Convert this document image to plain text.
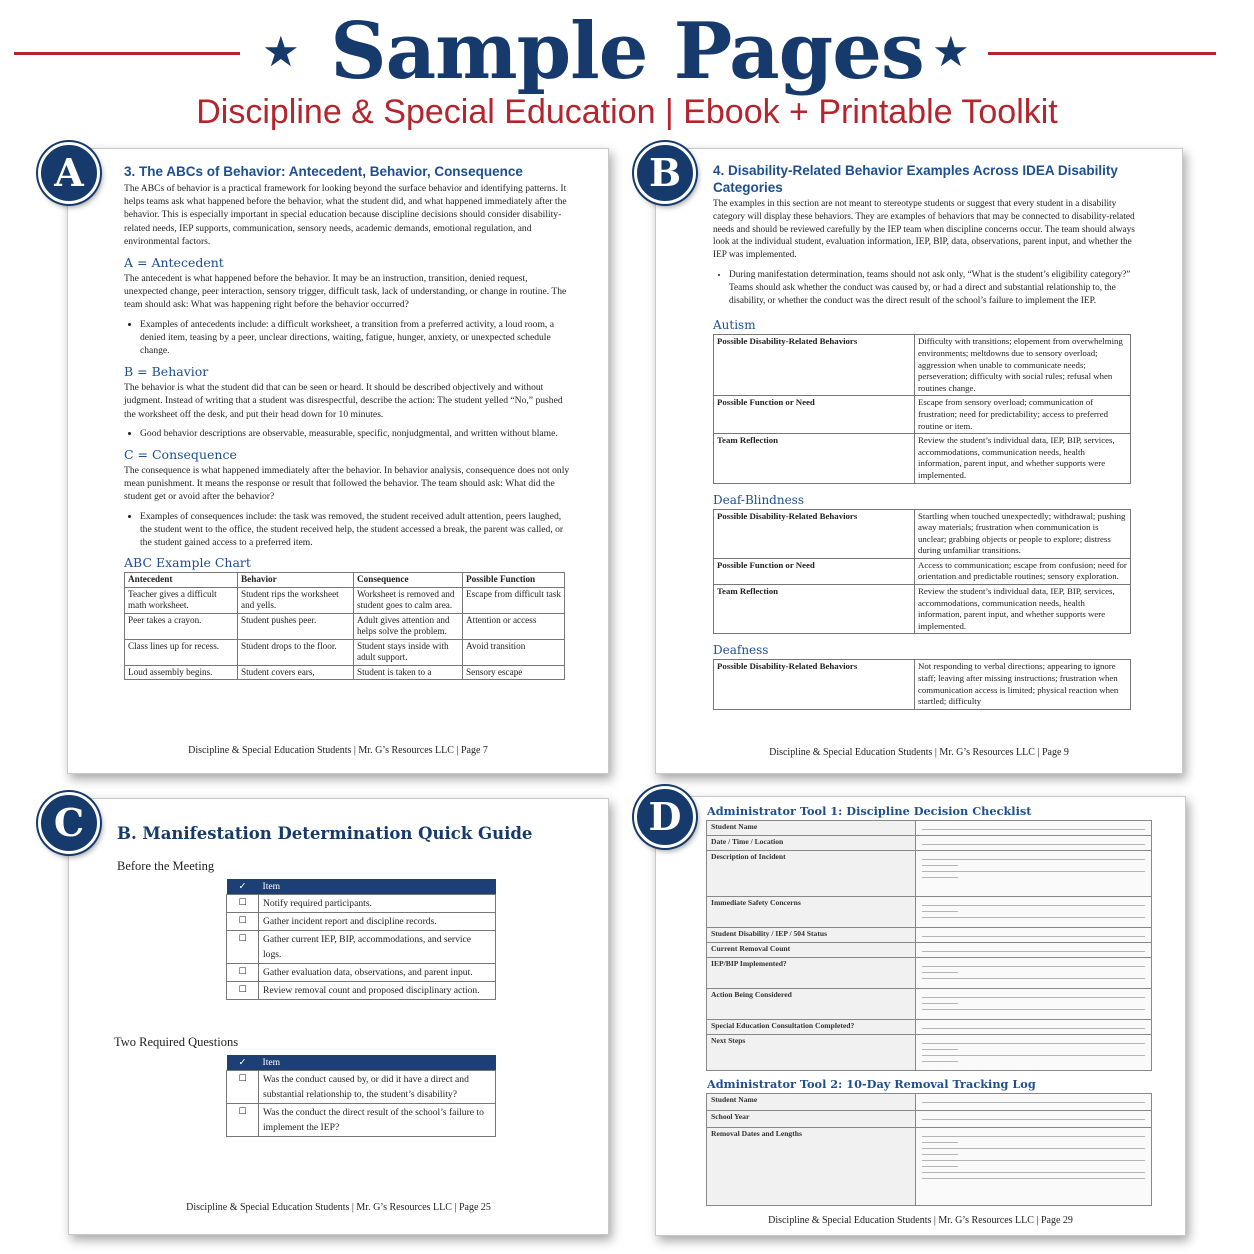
★ Sample Pages ★
Discipline & Special Education | Ebook + Printable Toolkit
3. The ABCs of Behavior: Antecedent, Behavior, Consequence
The ABCs of behavior is a practical framework for looking beyond the surface behavior and identifying patterns. It helps teams ask what happened before the behavior, what the student did, and what happened immediately after the behavior. This is especially important in special education because discipline decisions should consider disability-related needs, IEP supports, communication, sensory needs, academic demands, emotional regulation, and environmental factors.
A = Antecedent
The antecedent is what happened before the behavior. It may be an instruction, transition, denied request, unexpected change, peer interaction, sensory trigger, difficult task, lack of understanding, or change in routine. The team should ask: What was happening right before the behavior occurred?
• Examples of antecedents include: a difficult worksheet, a transition from a preferred activity, a loud room, a denied item, teasing by a peer, unclear directions, waiting, fatigue, hunger, anxiety, or unexpected schedule change.
B = Behavior
The behavior is what the student did that can be seen or heard. It should be described objectively and without judgment. Instead of writing that a student was disrespectful, describe the action: The student yelled “No,” pushed the worksheet off the desk, and put their head down for 10 minutes.
• Good behavior descriptions are observable, measurable, specific, nonjudgmental, and written without blame.
C = Consequence
The consequence is what happened immediately after the behavior. In behavior analysis, consequence does not only mean punishment. It means the response or result that followed the behavior. The team should ask: What did the student get or avoid after the behavior?
• Examples of consequences include: the task was removed, the student received adult attention, peers laughed, the student went to the office, the student received help, the student accessed a break, the parent was called, or the student gained access to a preferred item.
ABC Example Chart
Antecedent	Behavior	Consequence	Possible Function
Teacher gives a difficult math worksheet.	Student rips the worksheet and yells.	Worksheet is removed and student goes to calm area.	Escape from difficult task
Peer takes a crayon.	Student pushes peer.	Adult gives attention and helps solve the problem.	Attention or access
Class lines up for recess.	Student drops to the floor.	Student stays inside with adult support.	Avoid transition
Loud assembly begins.	Student covers ears,	Student is taken to a	Sensory escape
Discipline & Special Education Students | Mr. G’s Resources LLC | Page 7
A	4. Disability-Related Behavior Examples Across IDEA Disability Categories
The examples in this section are not meant to stereotype students or suggest that every student in a disability category will display these behaviors. They are examples of behaviors that may be connected to disability-related needs and should be reviewed carefully by the IEP team when discipline concerns occur. The team should always look at the individual student, evaluation information, IEP, BIP, data, observations, parent input, and whether the IEP was implemented.
• During manifestation determination, teams should not ask only, “What is the student’s eligibility category?” Teams should ask whether the conduct was caused by, or had a direct and substantial relationship to, the disability, or whether the conduct was the direct result of the school’s failure to implement the IEP.
Autism
Possible Disability-Related Behaviors	Difficulty with transitions; elopement from overwhelming environments; meltdowns due to sensory overload; aggression when unable to communicate needs; perseveration; difficulty with social rules; refusal when routines change.
Possible Function or Need	Escape from sensory overload; communication of frustration; need for predictability; access to preferred routine or item.
Team Reflection	Review the student’s individual data, IEP, BIP, services, accommodations, communication needs, health information, parent input, and whether supports were implemented.
Deaf-Blindness
Possible Disability-Related Behaviors	Startling when touched unexpectedly; withdrawal; pushing away materials; frustration when communication is unclear; grabbing objects or people to explore; distress during unfamiliar transitions.
Possible Function or Need	Access to communication; escape from confusion; need for orientation and predictable routines; sensory exploration.
Team Reflection	Review the student’s individual data, IEP, BIP, services, accommodations, communication needs, health information, parent input, and whether supports were implemented.
Deafness
Possible Disability-Related Behaviors	Not responding to verbal directions; appearing to ignore staff; leaving after missing instructions; frustration when communication access is limited; physical reaction when startled; difficulty
Discipline & Special Education Students | Mr. G’s Resources LLC | Page 9
B
B. Manifestation Determination Quick Guide
Before the Meeting
✓	Item
☐	Notify required participants.
☐	Gather incident report and discipline records.
☐	Gather current IEP, BIP, accommodations, and service logs.
☐	Gather evaluation data, observations, and parent input.
☐	Review removal count and proposed disciplinary action.
Two Required Questions
✓	Item
☐	Was the conduct caused by, or did it have a direct and substantial relationship to, the student’s disability?
☐	Was the conduct the direct result of the school’s failure to implement the IEP?
Discipline & Special Education Students | Mr. G’s Resources LLC | Page 25
C	Administrator Tool 1: Discipline Decision Checklist
Student Name	

Date / Time / Location	

Description of Incident	

Immediate Safety Concerns	

Student Disability / IEP / 504 Status	

Current Removal Count	

IEP/BIP Implemented?	

Action Being Considered	

Special Education Consultation Completed?	

Next Steps	
Administrator Tool 2: 10-Day Removal Tracking Log
Student Name	

School Year	

Removal Dates and Lengths	
Discipline & Special Education Students | Mr. G’s Resources LLC | Page 29
D
